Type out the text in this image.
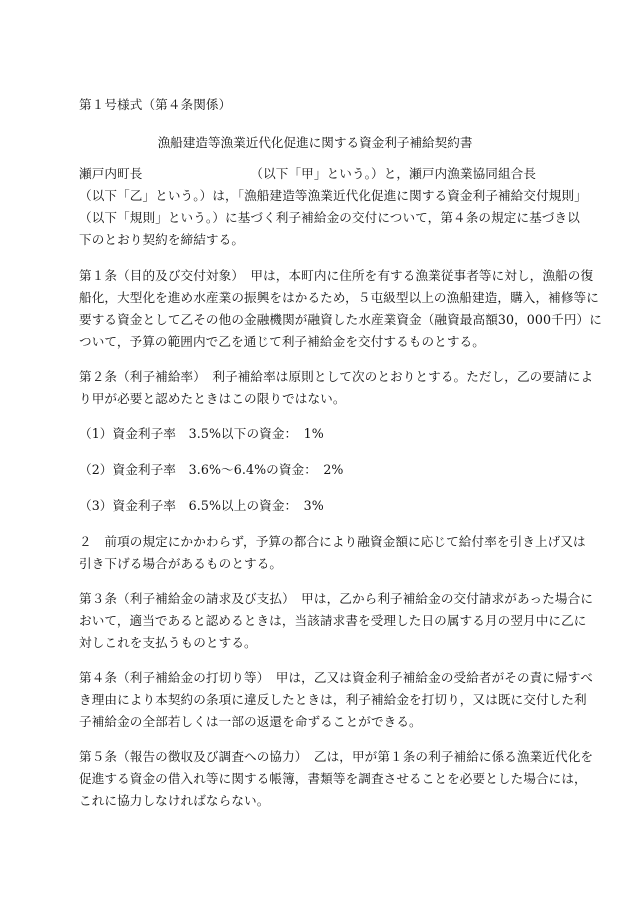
第１号様式（第４条関係）
漁船建造等漁業近代化促進に関する資金利子補給契約書
瀬戸内町長　　　　　　　　　（以下「甲」という。）と，瀬戸内漁業協同組合長
（以下「乙」という。）は，「漁船建造等漁業近代化促進に関する資金利子補給交付規則」
（以下「規則」という。）に基づく利子補給金の交付について，第４条の規定に基づき以
下のとおり契約を締結する。
第１条（目的及び交付対象）　甲は，本町内に住所を有する漁業従事者等に対し，漁船の復
船化，大型化を進め水産業の振興をはかるため，５屯級型以上の漁船建造，購入，補修等に
要する資金として乙その他の金融機関が融資した水産業資金（融資最高額30，000千円）に
ついて，予算の範囲内で乙を通じて利子補給金を交付するものとする。
第２条（利子補給率）　利子補給率は原則として次のとおりとする。ただし，乙の要請によ
り甲が必要と認めたときはこの限りではない。
（1）資金利子率　3.5%以下の資金：　1%
（2）資金利子率　3.6%〜6.4%の資金：　2%
（3）資金利子率　6.5%以上の資金：　3%
２　前項の規定にかかわらず，予算の都合により融資金額に応じて給付率を引き上げ又は
引き下げる場合があるものとする。
第３条（利子補給金の請求及び支払）　甲は，乙から利子補給金の交付請求があった場合に
おいて，適当であると認めるときは，当該請求書を受理した日の属する月の翌月中に乙に
対しこれを支払うものとする。
第４条（利子補給金の打切り等）　甲は，乙又は資金利子補給金の受給者がその責に帰すべ
き理由により本契約の条項に違反したときは，利子補給金を打切り，又は既に交付した利
子補給金の全部若しくは一部の返還を命ずることができる。
第５条（報告の徴収及び調査への協力）　乙は，甲が第１条の利子補給に係る漁業近代化を
促進する資金の借入れ等に関する帳簿，書類等を調査させることを必要とした場合には，
これに協力しなければならない。
